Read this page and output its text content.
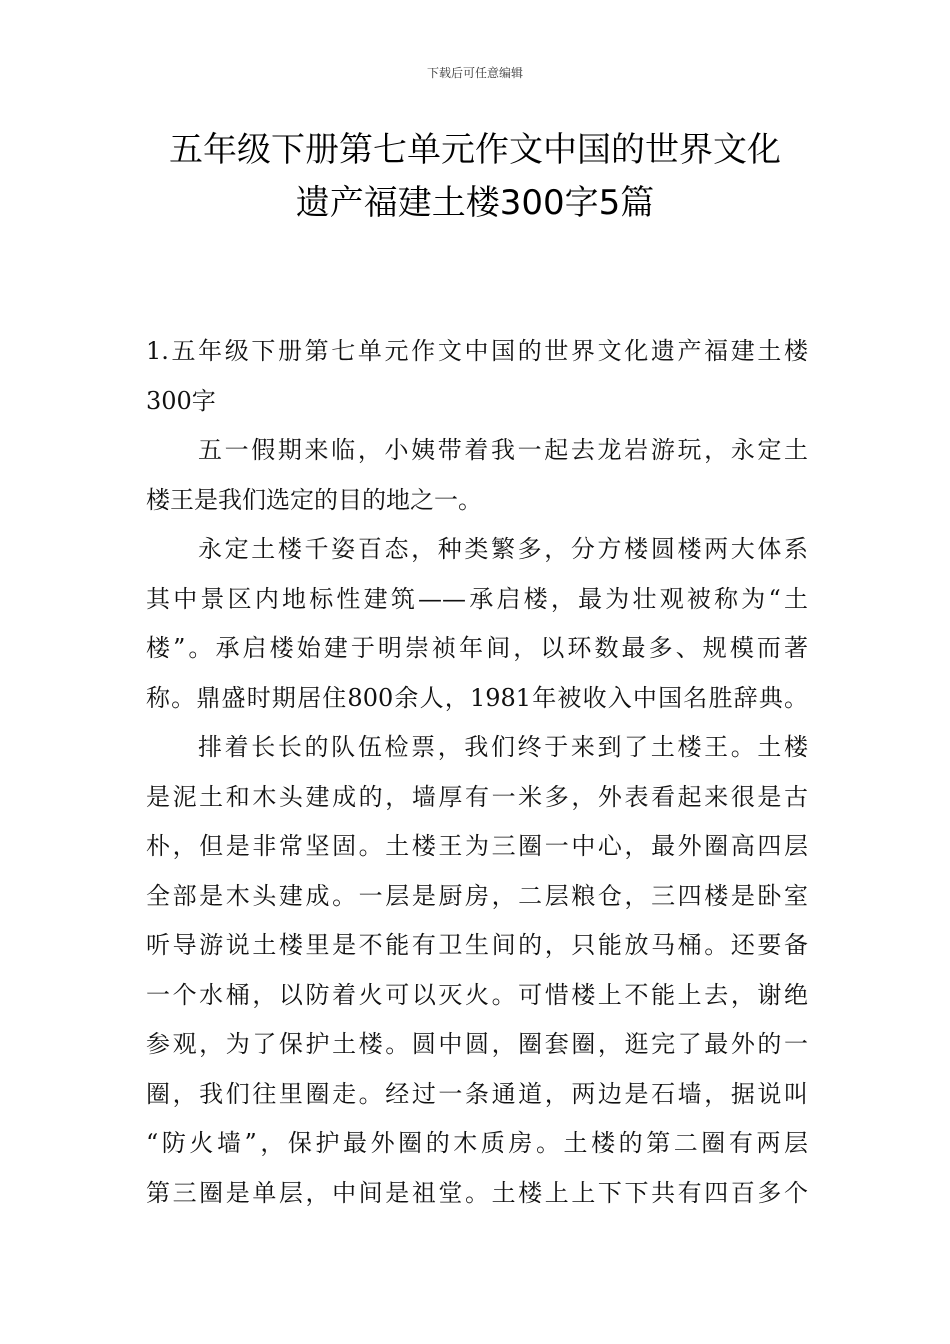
下载后可任意编辑
五年级下册第七单元作文中国的世界文化
遗产福建土楼300字5篇
1.五年级下册第七单元作文中国的世界文化遗产福建土楼
300字
五一假期来临，小姨带着我一起去龙岩游玩，永定土
楼王是我们选定的目的地之一。
永定土楼千姿百态，种类繁多，分方楼圆楼两大体系
其中景区内地标性建筑——承启楼，最为壮观被称为“土
楼”。承启楼始建于明崇祯年间，以环数最多、规模而著
称。鼎盛时期居住800余人，1981年被收入中国名胜辞典。
排着长长的队伍检票，我们终于来到了土楼王。土楼
是泥土和木头建成的，墙厚有一米多，外表看起来很是古
朴，但是非常坚固。土楼王为三圈一中心，最外圈高四层
全部是木头建成。一层是厨房，二层粮仓，三四楼是卧室
听导游说土楼里是不能有卫生间的，只能放马桶。还要备
一个水桶，以防着火可以灭火。可惜楼上不能上去，谢绝
参观，为了保护土楼。圆中圆，圈套圈，逛完了最外的一
圈，我们往里圈走。经过一条通道，两边是石墙，据说叫
“防火墙”，保护最外圈的木质房。土楼的第二圈有两层
第三圈是单层，中间是祖堂。土楼上上下下共有四百多个
